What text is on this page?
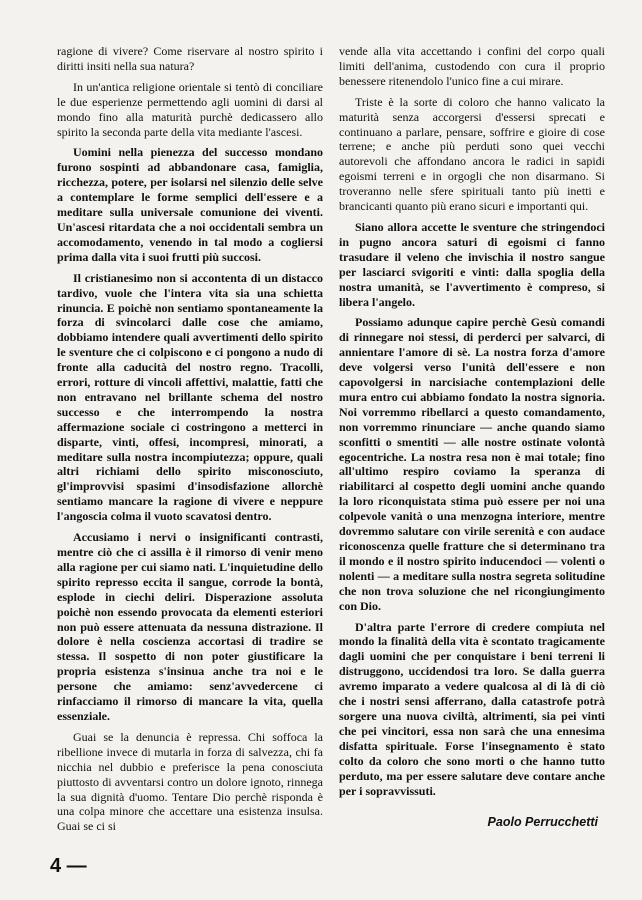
ragione di vivere? Come riservare al nostro spirito i diritti insiti nella sua natura?

In un'antica religione orientale si tentò di conciliare le due esperienze permettendo agli uomini di darsi al mondo fino alla maturità purchè dedicassero allo spirito la seconda parte della vita mediante l'ascesi.

Uomini nella pienezza del successo mondano furono sospinti ad abbandonare casa, famiglia, ricchezza, potere, per isolarsi nel silenzio delle selve a contemplare le forme semplici dell'essere e a meditare sulla universale comunione dei viventi. Un'ascesi ritardata che a noi occidentali sembra un accomodamento, venendo in tal modo a cogliersi prima dalla vita i suoi frutti più succosi.

Il cristianesimo non si accontenta di un distacco tardivo, vuole che l'intera vita sia una schietta rinuncia. E poichè non sentiamo spontaneamente la forza di svincolarci dalle cose che amiamo, dobbiamo intendere quali avvertimenti dello spirito le sventure che ci colpiscono e ci pongono a nudo di fronte alla caducità del nostro regno. Tracolli, errori, rotture di vincoli affettivi, malattie, fatti che non entravano nel brillante schema del nostro successo e che interrompendo la nostra affermazione sociale ci costringono a metterci in disparte, vinti, offesi, incompresi, minorati, a meditare sulla nostra incompiutezza; oppure, quali altri richiami dello spirito misconosciuto, gl'improvvisi spasimi d'insodisfazione allorchè sentiamo mancare la ragione di vivere e neppure l'angoscia colma il vuoto scavatosi dentro.

Accusiamo i nervi o insignificanti contrasti, mentre ciò che ci assilla è il rimorso di venir meno alla ragione per cui siamo nati. L'inquietudine dello spirito represso eccita il sangue, corrode la bontà, esplode in ciechi deliri. Disperazione assoluta poichè non essendo provocata da elementi esteriori non può essere attenuata da nessuna distrazione. Il dolore è nella coscienza accortasi di tradire se stessa. Il sospetto di non poter giustificare la propria esistenza s'insinua anche tra noi e le persone che amiamo: senz'avvedercene ci rinfacciamo il rimorso di mancare la vita, quella essenziale.

Guai se la denuncia è repressa. Chi soffoca la ribellione invece di mutarla in forza di salvezza, chi fa nicchia nel dubbio e preferisce la pena conosciuta piuttosto di avventarsi contro un dolore ignoto, rinnega la sua dignità d'uomo. Tentare Dio perchè risponda è una colpa minore che accettare una esistenza insulsa. Guai se ci si

vende alla vita accettando i confini del corpo quali limiti dell'anima, custodendo con cura il proprio benessere ritenendolo l'unico fine a cui mirare.

Triste è la sorte di coloro che hanno valicato la maturità senza accorgersi d'essersi sprecati e continuano a parlare, pensare, soffrire e gioire di cose terrene; e anche più perduti sono quei vecchi autorevoli che affondano ancora le radici in sapidi egoismi terreni e in orgogli che non disarmano. Si troveranno nelle sfere spirituali tanto più inetti e brancicanti quanto più erano sicuri e importanti qui.

Siano allora accette le sventure che stringendoci in pugno ancora saturi di egoismi ci fanno trasudare il veleno che invischia il nostro sangue per lasciarci svigoriti e vinti: dalla spoglia della nostra umanità, se l'avvertimento è compreso, si libera l'angelo.

Possiamo adunque capire perchè Gesù comandi di rinnegare noi stessi, di perderci per salvarci, di annientare l'amore di sè. La nostra forza d'amore deve volgersi verso l'unità dell'essere e non capovolgersi in narcisiache contemplazioni delle mura entro cui abbiamo fondato la nostra signoria. Noi vorremmo ribellarci a questo comandamento, non vorremmo rinunciare — anche quando siamo sconfitti o smentiti — alle nostre ostinate volontà egocentriche. La nostra resa non è mai totale; fino all'ultimo respiro coviamo la speranza di riabilitarci al cospetto degli uomini anche quando la loro riconquistata stima può essere per noi una colpevole vanità o una menzogna interiore, mentre dovremmo salutare con virile serenità e con audace riconoscenza quelle fratture che si determinano tra il mondo e il nostro spirito inducendoci — volenti o nolenti — a meditare sulla nostra segreta solitudine che non trova soluzione che nel ricongiungimento con Dio.

D'altra parte l'errore di credere compiuta nel mondo la finalità della vita è scontato tragicamente dagli uomini che per conquistare i beni terreni li distruggono, uccidendosi tra loro. Se dalla guerra avremo imparato a vedere qualcosa al di là di ciò che i nostri sensi afferrano, dalla catastrofe potrà sorgere una nuova civiltà, altrimenti, sia pei vinti che pei vincitori, essa non sarà che una ennesima disfatta spirituale. Forse l'insegnamento è stato colto da coloro che sono morti o che hanno tutto perduto, ma per essere salutare deve contare anche per i sopravvissuti.

Paolo Perrucchetti
4 —
